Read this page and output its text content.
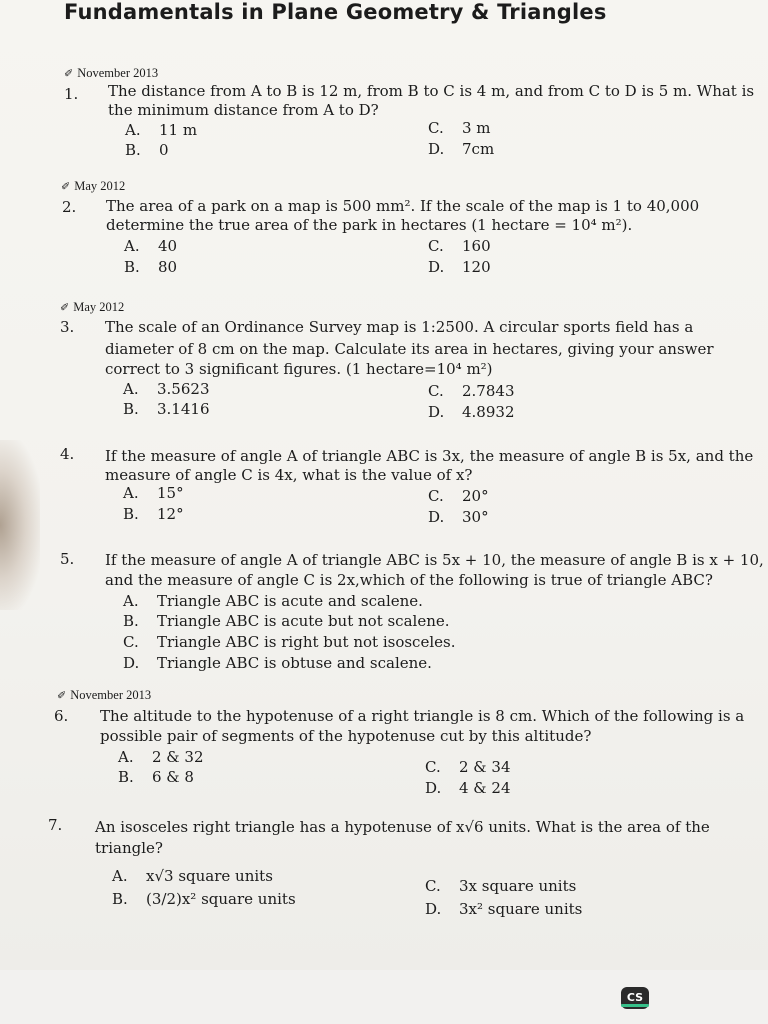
Fundamentals in Plane Geometry & Triangles
✐ November 2013
1. The distance from A to B is 12 m, from B to C is 4 m, and from C to D is 5 m. What is
the minimum distance from A to D?
A. 11 m
B. 0
C. 3 m
D. 7cm
✐ May 2012
2. The area of a park on a map is 500 mm². If the scale of the map is 1 to 40,000
determine the true area of the park in hectares (1 hectare = 10⁴ m²).
A. 40
B. 80
C. 160
D. 120
✐ May 2012
3. The scale of an Ordinance Survey map is 1:2500. A circular sports field has a
diameter of 8 cm on the map. Calculate its area in hectares, giving your answer
correct to 3 significant figures. (1 hectare=10⁴ m²)
A. 3.5623
B. 3.1416
C. 2.7843
D. 4.8932
4. If the measure of angle A of triangle ABC is 3x, the measure of angle B is 5x, and the
measure of angle C is 4x, what is the value of x?
A. 15°
B. 12°
C. 20°
D. 30°
5. If the measure of angle A of triangle ABC is 5x + 10, the measure of angle B is x + 10,
and the measure of angle C is 2x,which of the following is true of triangle ABC?
A. Triangle ABC is acute and scalene.
B. Triangle ABC is acute but not scalene.
C. Triangle ABC is right but not isosceles.
D. Triangle ABC is obtuse and scalene.
✐ November 2013
6. The altitude to the hypotenuse of a right triangle is 8 cm. Which of the following is a
possible pair of segments of the hypotenuse cut by this altitude?
A. 2 & 32
B. 6 & 8
C. 2 & 34
D. 4 & 24
7. An isosceles right triangle has a hypotenuse of x√6 units. What is the area of the
triangle?
A. x√3 square units
B. (3/2)x² square units
C. 3x square units
D. 3x² square units
CS
